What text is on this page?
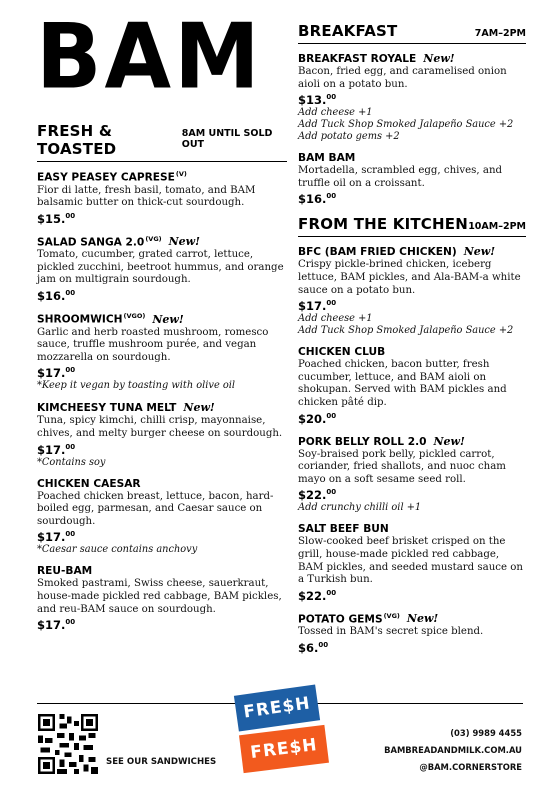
BAM
FRESH & TOASTED
8AM UNTIL SOLD OUT
EASY PEASEY $CAPRESE^{(V)}$
Fior di latte, fresh basil, tomato, and BAM balsamic butter on thick-cut sourdough.
$15.00
SALAD SANGA $2.0^{(VG)}$ New!
Tomato, cucumber, grated carrot, lettuce, pickled zucchini, beetroot hummus, and orange jam on multigrain sourdough.
$16.00
$SHROOMWICH^{(VGO)}$ New!
Garlic and herb roasted mushroom, romesco sauce, truffle mushroom purée, and vegan mozzarella on sourdough.
$17.00
*Keep it vegan by toasting with olive oil
KIMCHEESY TUNA MELT New!
Tuna, spicy kimchi, chilli crisp, mayonnaise, chives, and melty burger cheese on sourdough.
$17.00
*Contains soy
CHICKEN CAESAR
Poached chicken breast, lettuce, bacon, hard-boiled egg, parmesan, and Caesar sauce on sourdough.
$17.00
*Caesar sauce contains anchovy
REU-BAM
Smoked pastrami, Swiss cheese, sauerkraut, house-made pickled red cabbage, BAM pickles, and reu-BAM sauce on sourdough.
$17.00
BREAKFAST	7AM–2PM
BREAKFAST ROYALE New!
Bacon, fried egg, and caramelised onion aioli on a potato bun.
$13.00
Add cheese +1
Add Tuck Shop Smoked Jalapeño Sauce +2
Add potato gems +2
BAM BAM
Mortadella, scrambled egg, chives, and truffle oil on a croissant.
$16.00
FROM THE KITCHEN 10AM–2PM
BFC (BAM FRIED CHICKEN) New!
Crispy pickle-brined chicken, iceberg lettuce, BAM pickles, and Ala-BAM-a white sauce on a potato bun.
$17.00
Add cheese +1
Add Tuck Shop Smoked Jalapeño Sauce +2
CHICKEN CLUB
Poached chicken, bacon butter, fresh cucumber, lettuce, and BAM aioli on shokupan. Served with BAM pickles and chicken pâté dip.
$20.00
PORK BELLY ROLL 2.0 New!
Soy-braised pork belly, pickled carrot, coriander, fried shallots, and nuoc cham mayo on a soft sesame seed roll.
$22.00
Add crunchy chilli oil +1
SALT BEEF BUN
Slow-cooked beef brisket crisped on the grill, house-made pickled red cabbage, BAM pickles, and seeded mustard sauce on a Turkish bun.
$22.00
POTATO $GEMS^{(VG)}$ New!
Tossed in BAM's secret spice blend.
$6.00
SEE OUR SANDWICHES
FRE$H
FRE$H
(03) 9989 4455
BAMBREADANDMILK.COM.AU
@BAM.CORNERSTORE
